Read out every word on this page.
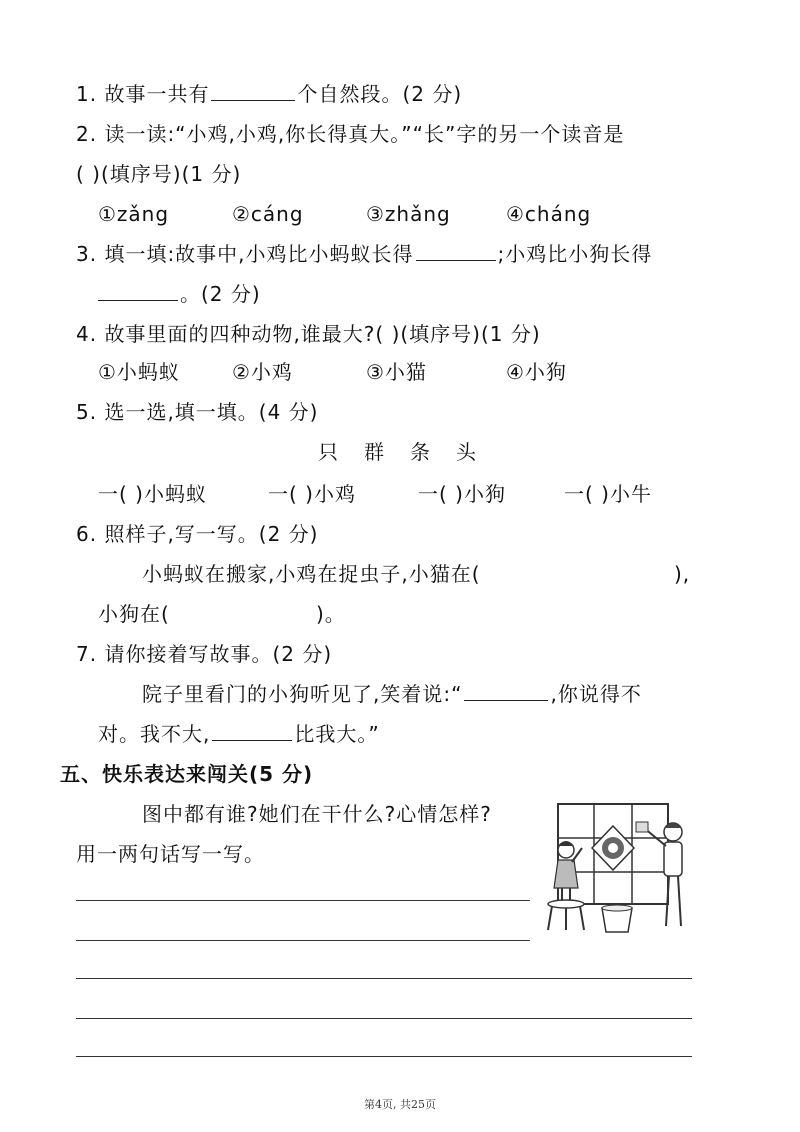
1. 故事一共有	个自然段。(2 分)
2. 读一读:“小鸡,小鸡,你长得真大。”“长”字的另一个读音是
( )(填序号)(1 分)
①zǎng	②cáng	③zhǎng	④cháng
3. 填一填:故事中,小鸡比小蚂蚁长得	;小鸡比小狗长得
。(2 分)
4. 故事里面的四种动物,谁最大?( )(填序号)(1 分)
①小蚂蚁	②小鸡	③小猫	④小狗
5. 选一选,填一填。(4 分)
只 群 条 头
一( )小蚂蚁	一( )小鸡	一( )小狗	一( )小牛
6. 照样子,写一写。(2 分)
小蚂蚁在搬家,小鸡在捉虫子,小猫在(	),
小狗在(	)。
7. 请你接着写故事。(2 分)
院子里看门的小狗听见了,笑着说:“	,你说得不
对。我不大,	比我大。”
五、快乐表达来闯关(5 分)
图中都有谁?她们在干什么?心情怎样?
用一两句话写一写。
第4页, 共25页
